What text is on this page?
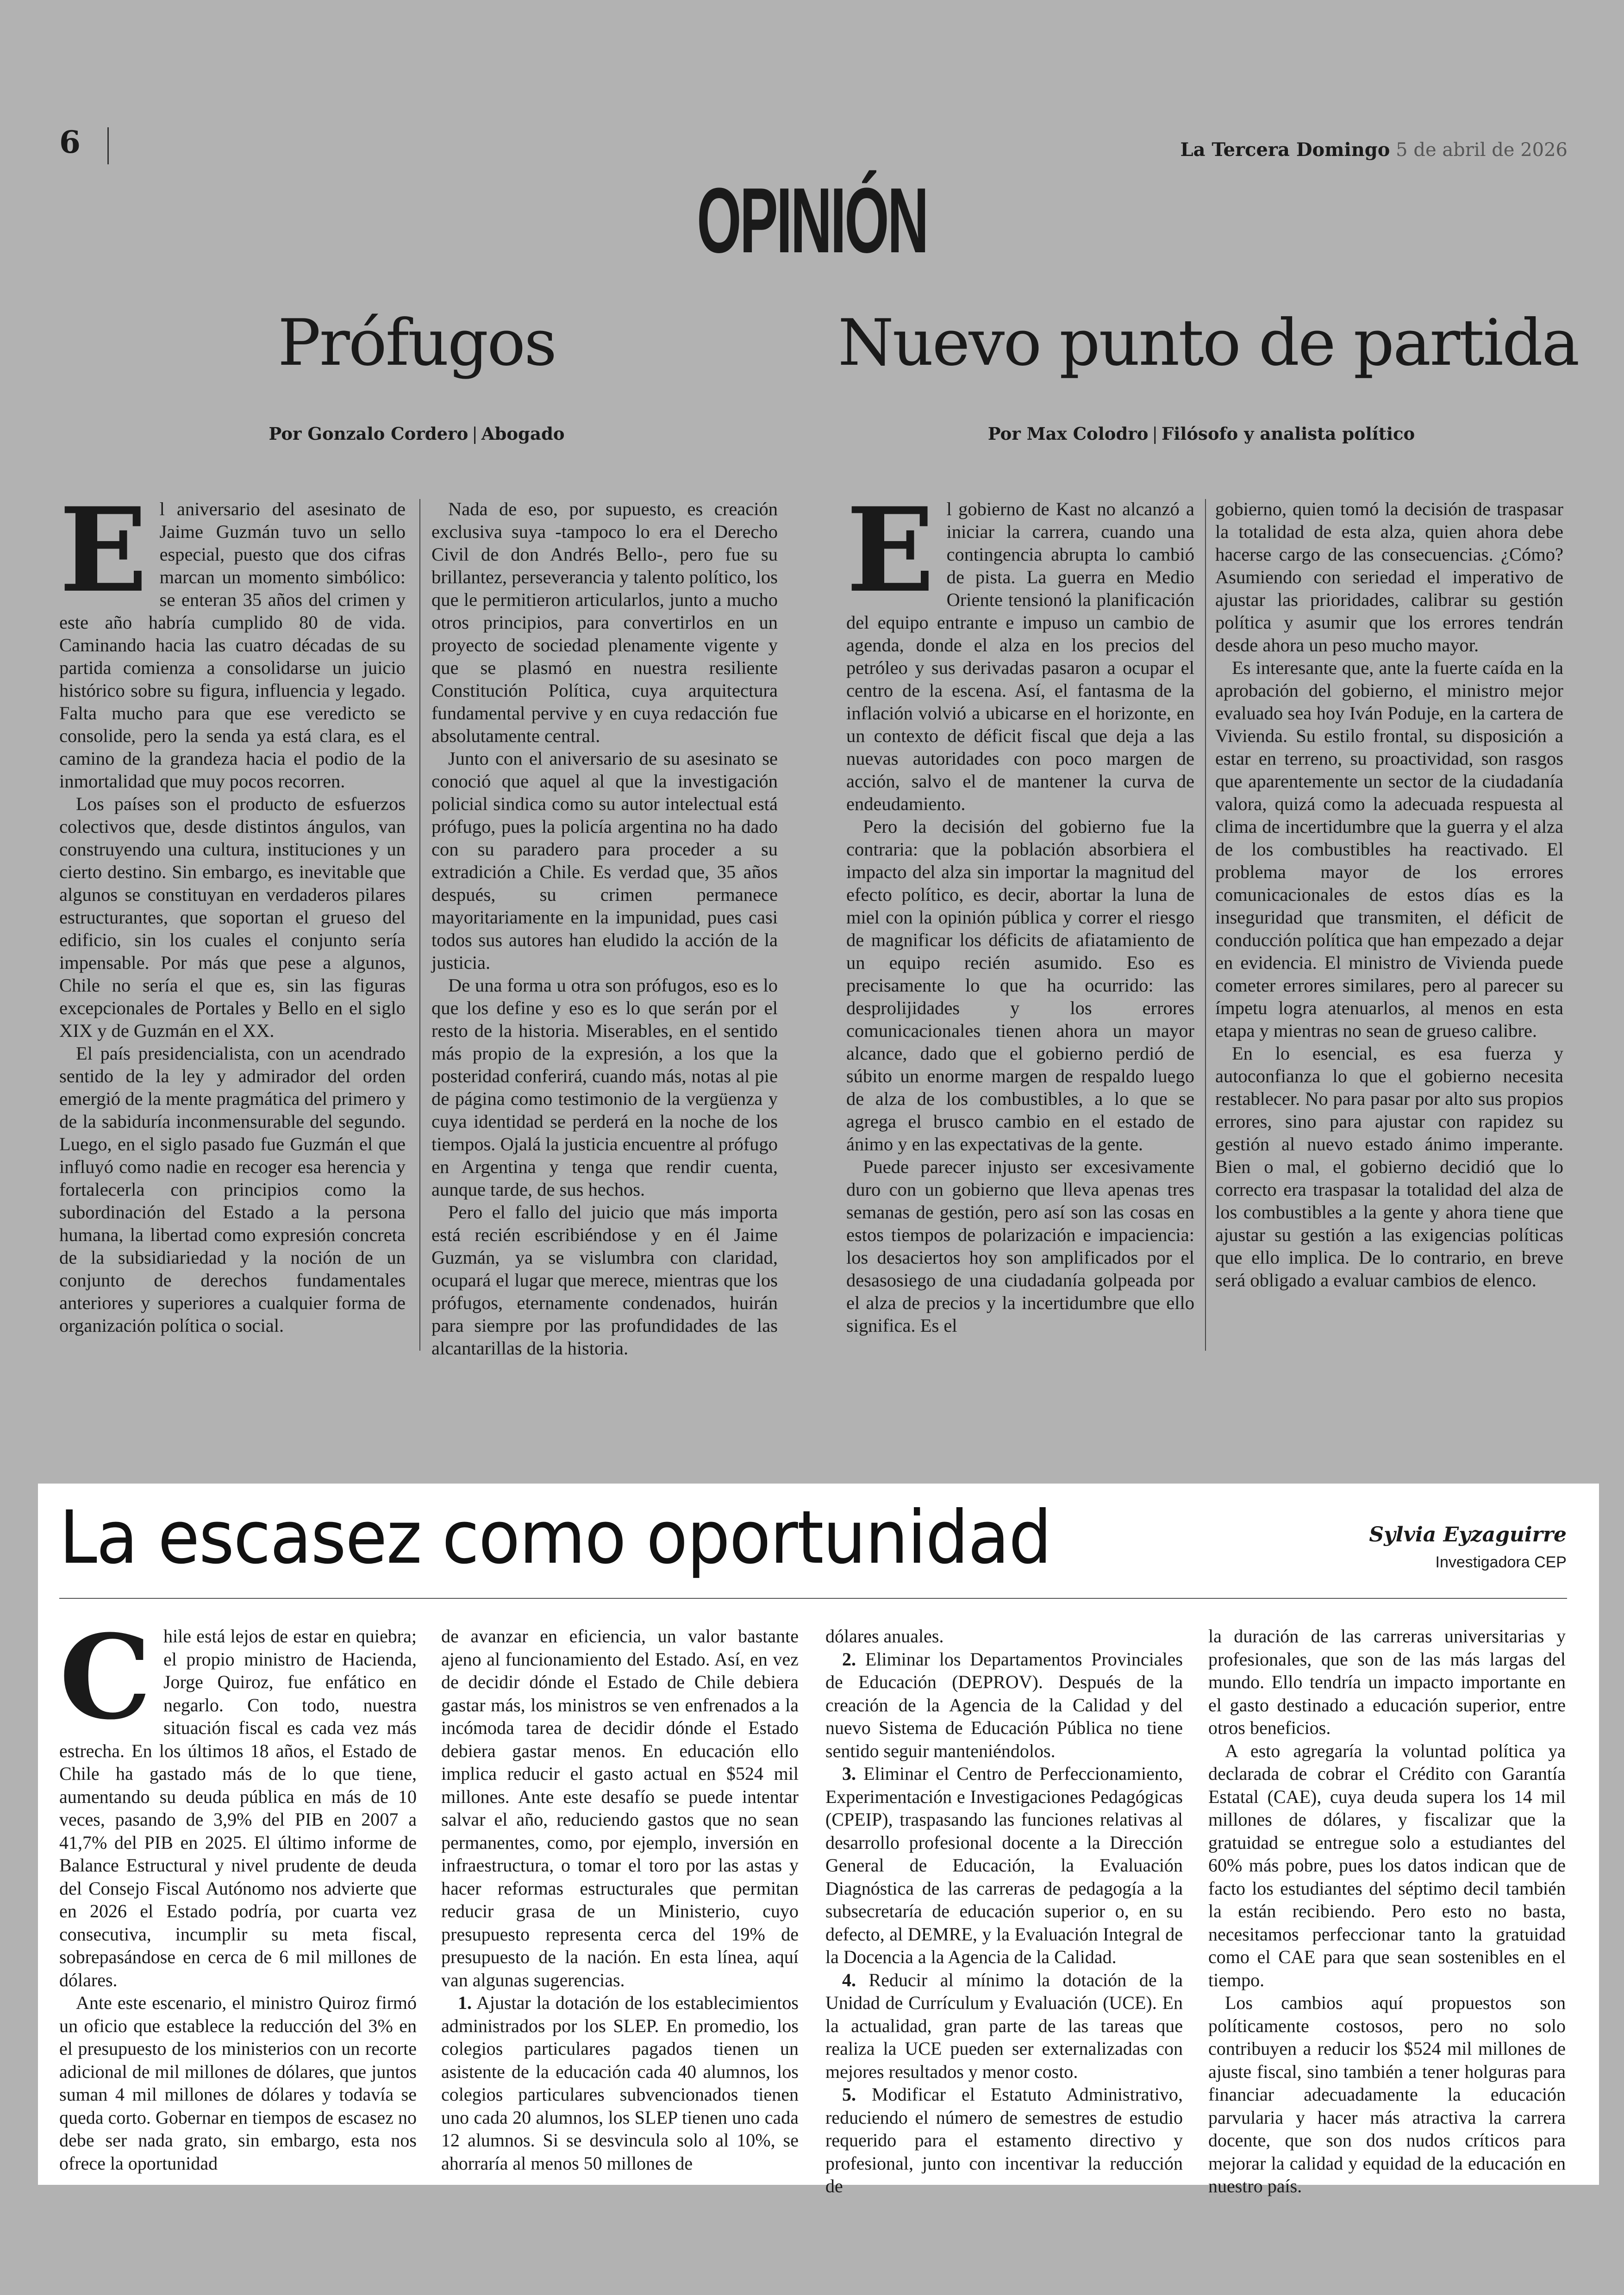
6	La Tercera Domingo 5 de abril de 2026
OPINIÓN
Prófugos
Por Gonzalo Cordero | Abogado

El aniversario del asesinato de Jaime Guzmán tuvo un sello especial, puesto que dos cifras marcan un momento simbólico: se enteran 35 años del crimen y este año habría cumplido 80 de vida. Caminando hacia las cuatro décadas de su partida comienza a consolidarse un juicio histórico sobre su figura, influencia y legado. Falta mucho para que ese veredicto se consolide, pero la senda ya está clara, es el camino de la grandeza hacia el podio de la inmortalidad que muy pocos recorren.

Los países son el producto de esfuerzos colectivos que, desde distintos ángulos, van construyendo una cultura, instituciones y un cierto destino. Sin embargo, es inevitable que algunos se constituyan en verdaderos pilares estructurantes, que soportan el grueso del edificio, sin los cuales el conjunto sería impensable. Por más que pese a algunos, Chile no sería el que es, sin las figuras excepcionales de Portales y Bello en el siglo XIX y de Guzmán en el XX.

El país presidencialista, con un acendrado sentido de la ley y admirador del orden emergió de la mente pragmática del primero y de la sabiduría inconmensurable del segundo. Luego, en el siglo pasado fue Guzmán el que influyó como nadie en recoger esa herencia y fortalecerla con principios como la subordinación del Estado a la persona humana, la libertad como expresión concreta de la subsidiariedad y la noción de un conjunto de derechos fundamentales anteriores y superiores a cualquier forma de organización política o social.

Nada de eso, por supuesto, es creación exclusiva suya -tampoco lo era el Derecho Civil de don Andrés Bello-, pero fue su brillantez, perseverancia y talento político, los que le permitieron articularlos, junto a mucho otros principios, para convertirlos en un proyecto de sociedad plenamente vigente y que se plasmó en nuestra resiliente Constitución Política, cuya arquitectura fundamental pervive y en cuya redacción fue absolutamente central.

Junto con el aniversario de su asesinato se conoció que aquel al que la investigación policial sindica como su autor intelectual está prófugo, pues la policía argentina no ha dado con su paradero para proceder a su extradición a Chile. Es verdad que, 35 años después, su crimen permanece mayoritariamente en la impunidad, pues casi todos sus autores han eludido la acción de la justicia.

De una forma u otra son prófugos, eso es lo que los define y eso es lo que serán por el resto de la historia. Miserables, en el sentido más propio de la expresión, a los que la posteridad conferirá, cuando más, notas al pie de página como testimonio de la vergüenza y cuya identidad se perderá en la noche de los tiempos. Ojalá la justicia encuentre al prófugo en Argentina y tenga que rendir cuenta, aunque tarde, de sus hechos.

Pero el fallo del juicio que más importa está recién escribiéndose y en él Jaime Guzmán, ya se vislumbra con claridad, ocupará el lugar que merece, mientras que los prófugos, eternamente condenados, huirán para siempre por las profundidades de las alcantarillas de la historia.

Nuevo punto de partida
Por Max Colodro | Filósofo y analista político

El gobierno de Kast no alcanzó a iniciar la carrera, cuando una contingencia abrupta lo cambió de pista. La guerra en Medio Oriente tensionó la planificación del equipo entrante e impuso un cambio de agenda, donde el alza en los precios del petróleo y sus derivadas pasaron a ocupar el centro de la escena. Así, el fantasma de la inflación volvió a ubicarse en el horizonte, en un contexto de déficit fiscal que deja a las nuevas autoridades con poco margen de acción, salvo el de mantener la curva de endeudamiento.

Pero la decisión del gobierno fue la contraria: que la población absorbiera el impacto del alza sin importar la magnitud del efecto político, es decir, abortar la luna de miel con la opinión pública y correr el riesgo de magnificar los déficits de afiatamiento de un equipo recién asumido. Eso es precisamente lo que ha ocurrido: las desprolijidades y los errores comunicacionales tienen ahora un mayor alcance, dado que el gobierno perdió de súbito un enorme margen de respaldo luego de alza de los combustibles, a lo que se agrega el brusco cambio en el estado de ánimo y en las expectativas de la gente.

Puede parecer injusto ser excesivamente duro con un gobierno que lleva apenas tres semanas de gestión, pero así son las cosas en estos tiempos de polarización e impaciencia: los desaciertos hoy son amplificados por el desasosiego de una ciudadanía golpeada por el alza de precios y la incertidumbre que ello significa. Es el

gobierno, quien tomó la decisión de traspasar la totalidad de esta alza, quien ahora debe hacerse cargo de las consecuencias. ¿Cómo? Asumiendo con seriedad el imperativo de ajustar las prioridades, calibrar su gestión política y asumir que los errores tendrán desde ahora un peso mucho mayor.

Es interesante que, ante la fuerte caída en la aprobación del gobierno, el ministro mejor evaluado sea hoy Iván Poduje, en la cartera de Vivienda. Su estilo frontal, su disposición a estar en terreno, su proactividad, son rasgos que aparentemente un sector de la ciudadanía valora, quizá como la adecuada respuesta al clima de incertidumbre que la guerra y el alza de los combustibles ha reactivado. El problema mayor de los errores comunicacionales de estos días es la inseguridad que transmiten, el déficit de conducción política que han empezado a dejar en evidencia. El ministro de Vivienda puede cometer errores similares, pero al parecer su ímpetu logra atenuarlos, al menos en esta etapa y mientras no sean de grueso calibre.

En lo esencial, es esa fuerza y autoconfianza lo que el gobierno necesita restablecer. No para pasar por alto sus propios errores, sino para ajustar con rapidez su gestión al nuevo estado ánimo imperante. Bien o mal, el gobierno decidió que lo correcto era traspasar la totalidad del alza de los combustibles a la gente y ahora tiene que ajustar su gestión a las exigencias políticas que ello implica. De lo contrario, en breve será obligado a evaluar cambios de elenco.

La escasez como oportunidad	Sylvia Eyzaguirre
Investigadora CEP

Chile está lejos de estar en quiebra; el propio ministro de Hacienda, Jorge Quiroz, fue enfático en negarlo. Con todo, nuestra situación fiscal es cada vez más estrecha. En los últimos 18 años, el Estado de Chile ha gastado más de lo que tiene, aumentando su deuda pública en más de 10 veces, pasando de 3,9% del PIB en 2007 a 41,7% del PIB en 2025. El último informe de Balance Estructural y nivel prudente de deuda del Consejo Fiscal Autónomo nos advierte que en 2026 el Estado podría, por cuarta vez consecutiva, incumplir su meta fiscal, sobrepasándose en cerca de 6 mil millones de dólares.

Ante este escenario, el ministro Quiroz firmó un oficio que establece la reducción del 3% en el presupuesto de los ministerios con un recorte adicional de mil millones de dólares, que juntos suman 4 mil millones de dólares y todavía se queda corto. Gobernar en tiempos de escasez no debe ser nada grato, sin embargo, esta nos ofrece la oportunidad

de avanzar en eficiencia, un valor bastante ajeno al funcionamiento del Estado. Así, en vez de decidir dónde el Estado de Chile debiera gastar más, los ministros se ven enfrenados a la incómoda tarea de decidir dónde el Estado debiera gastar menos. En educación ello implica reducir el gasto actual en $524 mil millones. Ante este desafío se puede intentar salvar el año, reduciendo gastos que no sean permanentes, como, por ejemplo, inversión en infraestructura, o tomar el toro por las astas y hacer reformas estructurales que permitan reducir grasa de un Ministerio, cuyo presupuesto representa cerca del 19% de presupuesto de la nación. En esta línea, aquí van algunas sugerencias.

1. Ajustar la dotación de los establecimientos administrados por los SLEP. En promedio, los colegios particulares pagados tienen un asistente de la educación cada 40 alumnos, los colegios particulares subvencionados tienen uno cada 20 alumnos, los SLEP tienen uno cada 12 alumnos. Si se desvincula solo al 10%, se ahorraría al menos 50 millones de

dólares anuales.

2. Eliminar los Departamentos Provinciales de Educación (DEPROV). Después de la creación de la Agencia de la Calidad y del nuevo Sistema de Educación Pública no tiene sentido seguir manteniéndolos.

3. Eliminar el Centro de Perfeccionamiento, Experimentación e Investigaciones Pedagógicas (CPEIP), traspasando las funciones relativas al desarrollo profesional docente a la Dirección General de Educación, la Evaluación Diagnóstica de las carreras de pedagogía a la subsecretaría de educación superior o, en su defecto, al DEMRE, y la Evaluación Integral de la Docencia a la Agencia de la Calidad.

4. Reducir al mínimo la dotación de la Unidad de Currículum y Evaluación (UCE). En la actualidad, gran parte de las tareas que realiza la UCE pueden ser externalizadas con mejores resultados y menor costo.

5. Modificar el Estatuto Administrativo, reduciendo el número de semestres de estudio requerido para el estamento directivo y profesional, junto con incentivar la reducción de

la duración de las carreras universitarias y profesionales, que son de las más largas del mundo. Ello tendría un impacto importante en el gasto destinado a educación superior, entre otros beneficios.

A esto agregaría la voluntad política ya declarada de cobrar el Crédito con Garantía Estatal (CAE), cuya deuda supera los 14 mil millones de dólares, y fiscalizar que la gratuidad se entregue solo a estudiantes del 60% más pobre, pues los datos indican que de facto los estudiantes del séptimo decil también la están recibiendo. Pero esto no basta, necesitamos perfeccionar tanto la gratuidad como el CAE para que sean sostenibles en el tiempo.

Los cambios aquí propuestos son políticamente costosos, pero no solo contribuyen a reducir los $524 mil millones de ajuste fiscal, sino también a tener holguras para financiar adecuadamente la educación parvularia y hacer más atractiva la carrera docente, que son dos nudos críticos para mejorar la calidad y equidad de la educación en nuestro país.
